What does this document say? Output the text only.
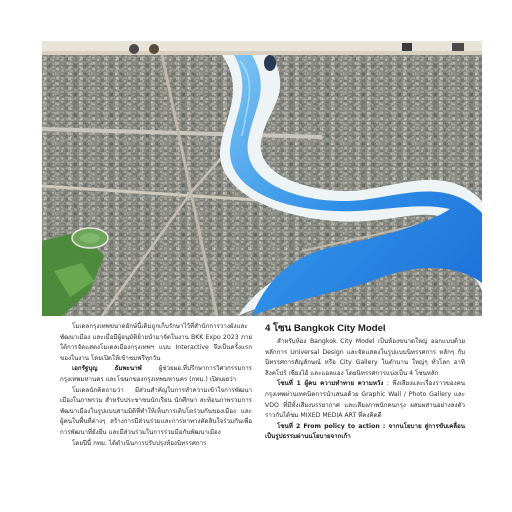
โมเดลกรุงเทพขนาดยักษ์นี้เดิมถูกเก็บรักษาไว้ที่สำนักการวางผังและพัฒนาเมือง และเมื่อมีผู้อนุมัติย้ายนำมาจัดในงาน BKK Expo 2023 ภายใต้การจัดแสดงโมเดลเมืองกรุงเทพฯ แบบ Interactive จึงเป็นครั้งแรกของในงาน โดยเปิดให้เข้าชมฟรีทุกวัน

เอกรัฐบุญ ธัมพะนาฬ	ผู้ช่วยผอ.ที่ปรึกษาการวิศวกรรมการกรุงเทพมหานคร และโฆษกของกรุงเทพมหานคร (กทม.) เปิดเผยว่า

โมเดลนักคิดถามว่า มีส่วนสำคัญในการทำความเข้าใจการพัฒนาเมืองในภาพรวม สำหรับประชาชนนักเรียน นักศึกษา สะท้อนภาพรวมการพัฒนาเมืองในรูปแบบสามมิติที่ทำให้เห็นการเติบโตร่วมกันของเมือง และผู้คนในพื้นที่ต่างๆ สร้างการมีส่วนร่วมและการหาทางตัดสินใจร่วมกันเพื่อการพัฒนาที่ยั่งยืน และมีส่วนร่วมในการร่วมมือกันพัฒนาเมือง

โดยปีนี้ กทม. ได้ดำเนินการปรับปรุงห้องนิทรรศการ

4 โซน Bangkok City Model

สำหรับห้อง Bangkok City Model เป็นห้องขนาดใหญ่ ออกแบบด้วยหลักการ Universal Design และจัดแสดงในรูปแบบนิทรรศการ หลักๆ กับนิทรรศการสัญลักษณ์ หรือ City Gallery ในตำนาน ใหญ่ๆ ทั่วโลก อาทิ สิงคโปร์ เซี่ยงไฮ้ และแอลแอง โดยนิทรรศการแบ่งเป็น 4 โซนหลัก

โซนที่ 1 ผู้คน ความทำทาย ความหวัง : พึ่งเสียงและเรื่องราวของคนกรุงเทพผ่านเทคนิคการนำเสนอด้วย Graphic Wall / Photo Gallery และ VDO ที่มีทั้งเสียงบรรยากาศ และเสียงภาพนักคนกรุง ผสมผสานอย่างลงตัวราวกับได้ชม MIXED MEDIA ART ที่คงคิดดี

โซนที่ 2 From policy to action : จากนโยบาย สู่การขับเคลื่อนเป็นรูปธรรมผ่านนโยบายจากเก้า
